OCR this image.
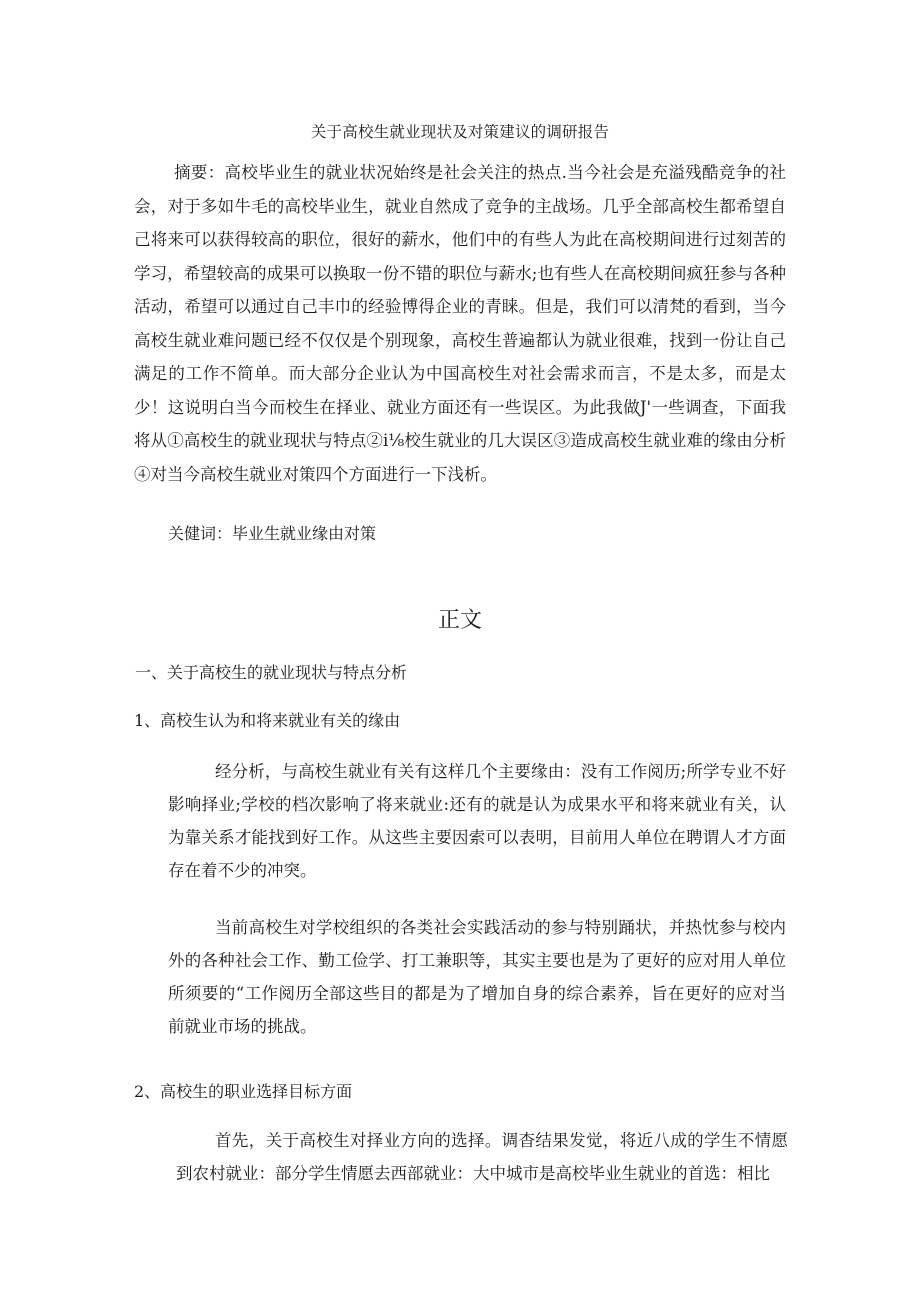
关于高校生就业现状及对策建议的调研报告

摘要：高校毕业生的就业状况始终是社会关注的热点.当今社会是充溢残酷竞争的社会，对于多如牛毛的高校毕业生，就业自然成了竞争的主战场。几乎全部高校生都希望自己将来可以获得较高的职位，很好的薪水，他们中的有些人为此在高校期间进行过刻苦的学习，希望较高的成果可以换取一份不错的职位与薪水;也有些人在高校期间疯狂参与各种活动，希望可以通过自己丰巾的经验博得企业的青睐。但是，我们可以清梵的看到，当今高校生就业难问题已经不仅仅是个别现象，高校生普遍都认为就业很难，找到一份让自己满足的工作不简单。而大部分企业认为中国高校生对社会需求而言，不是太多，而是太少！这说明白当今而校生在择业、就业方面还有一些误区。为此我做J'一些调查，下面我将从①高校生的就业现状与特点②i⅛校生就业的几大误区③造成高校生就业难的缘由分析④对当今高校生就业对策四个方面进行一下浅析。

关健词：毕业生就业缘由对策

正文

一、关于高校生的就业现状与特点分析

1、高校生认为和将来就业有关的缘由

经分析，与高校生就业有关有这样几个主要缘由：没有工作阅历;所学专业不好影响择业;学校的档次影响了将来就业:还有的就是认为成果水平和将来就业有关，认为靠关系才能找到好工作。从这些主要因索可以表明，目前用人单位在聘谓人才方面存在着不少的冲突。

当前高校生对学校组织的各类社会实践活动的参与特别踊状，并热忱参与校内外的各种社会工作、勤工俭学、打工兼职等，其实主要也是为了更好的应对用人单位所须要的“工作阅历全部这些目的都是为了增加自身的综合素养，旨在更好的应对当前就业市场的挑战。

2、高校生的职业选择目标方面

首先，关于高校生对择业方向的选择。调杳结果发觉，将近八成的学生不情愿到农村就业：部分学生情愿去西部就业：大中城市是高校毕业生就业的首选：相比
